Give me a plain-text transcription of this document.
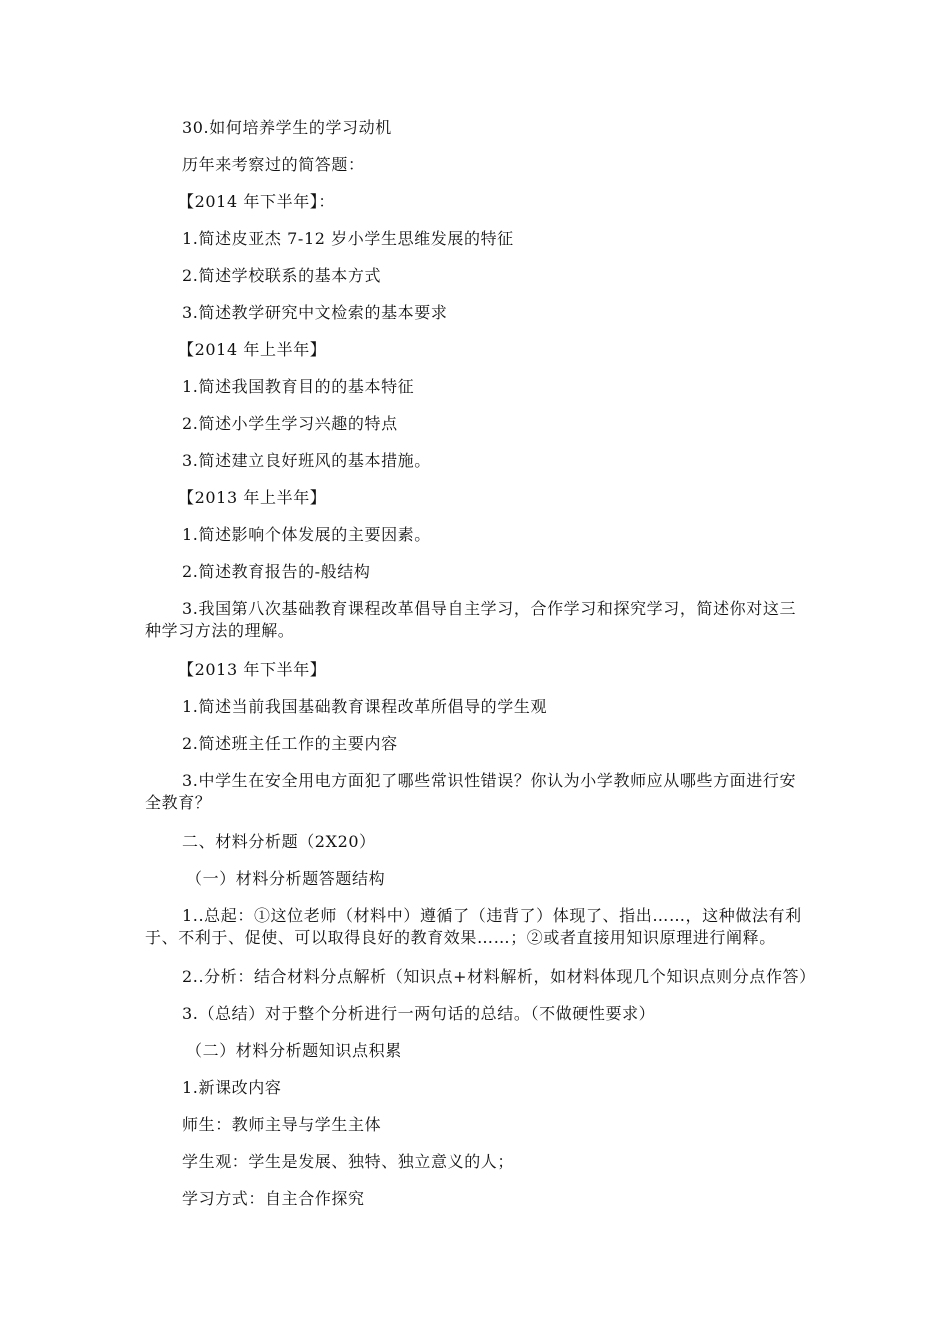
30.如何培养学生的学习动机
历年来考察过的简答题：
【2014 年下半年】：
1.简述皮亚杰 7-12 岁小学生思维发展的特征
2.简述学校联系的基本方式
3.简述教学研究中文检索的基本要求
【2014 年上半年】
1.简述我国教育目的的基本特征
2.简述小学生学习兴趣的特点
3.简述建立良好班风的基本措施。
【2013 年上半年】
1.简述影响个体发展的主要因素。
2.简述教育报告的-般结构
3.我国第八次基础教育课程改革倡导自主学习，合作学习和探究学习，简述你对这三种学习方法的理解。
【2013 年下半年】
1.简述当前我国基础教育课程改革所倡导的学生观
2.简述班主任工作的主要内容
3.中学生在安全用电方面犯了哪些常识性错误？你认为小学教师应从哪些方面进行安全教育？
二、材料分析题（2X20）
（一）材料分析题答题结构
1..总起：①这位老师（材料中）遵循了（违背了）体现了、指出……，这种做法有利于、不利于、促使、可以取得良好的教育效果……；②或者直接用知识原理进行阐释。
2..分析：结合材料分点解析（知识点+材料解析，如材料体现几个知识点则分点作答）
3.（总结）对于整个分析进行一两句话的总结。（不做硬性要求）
（二）材料分析题知识点积累
1.新课改内容
师生：教师主导与学生主体
学生观：学生是发展、独特、独立意义的人；
学习方式：自主合作探究
